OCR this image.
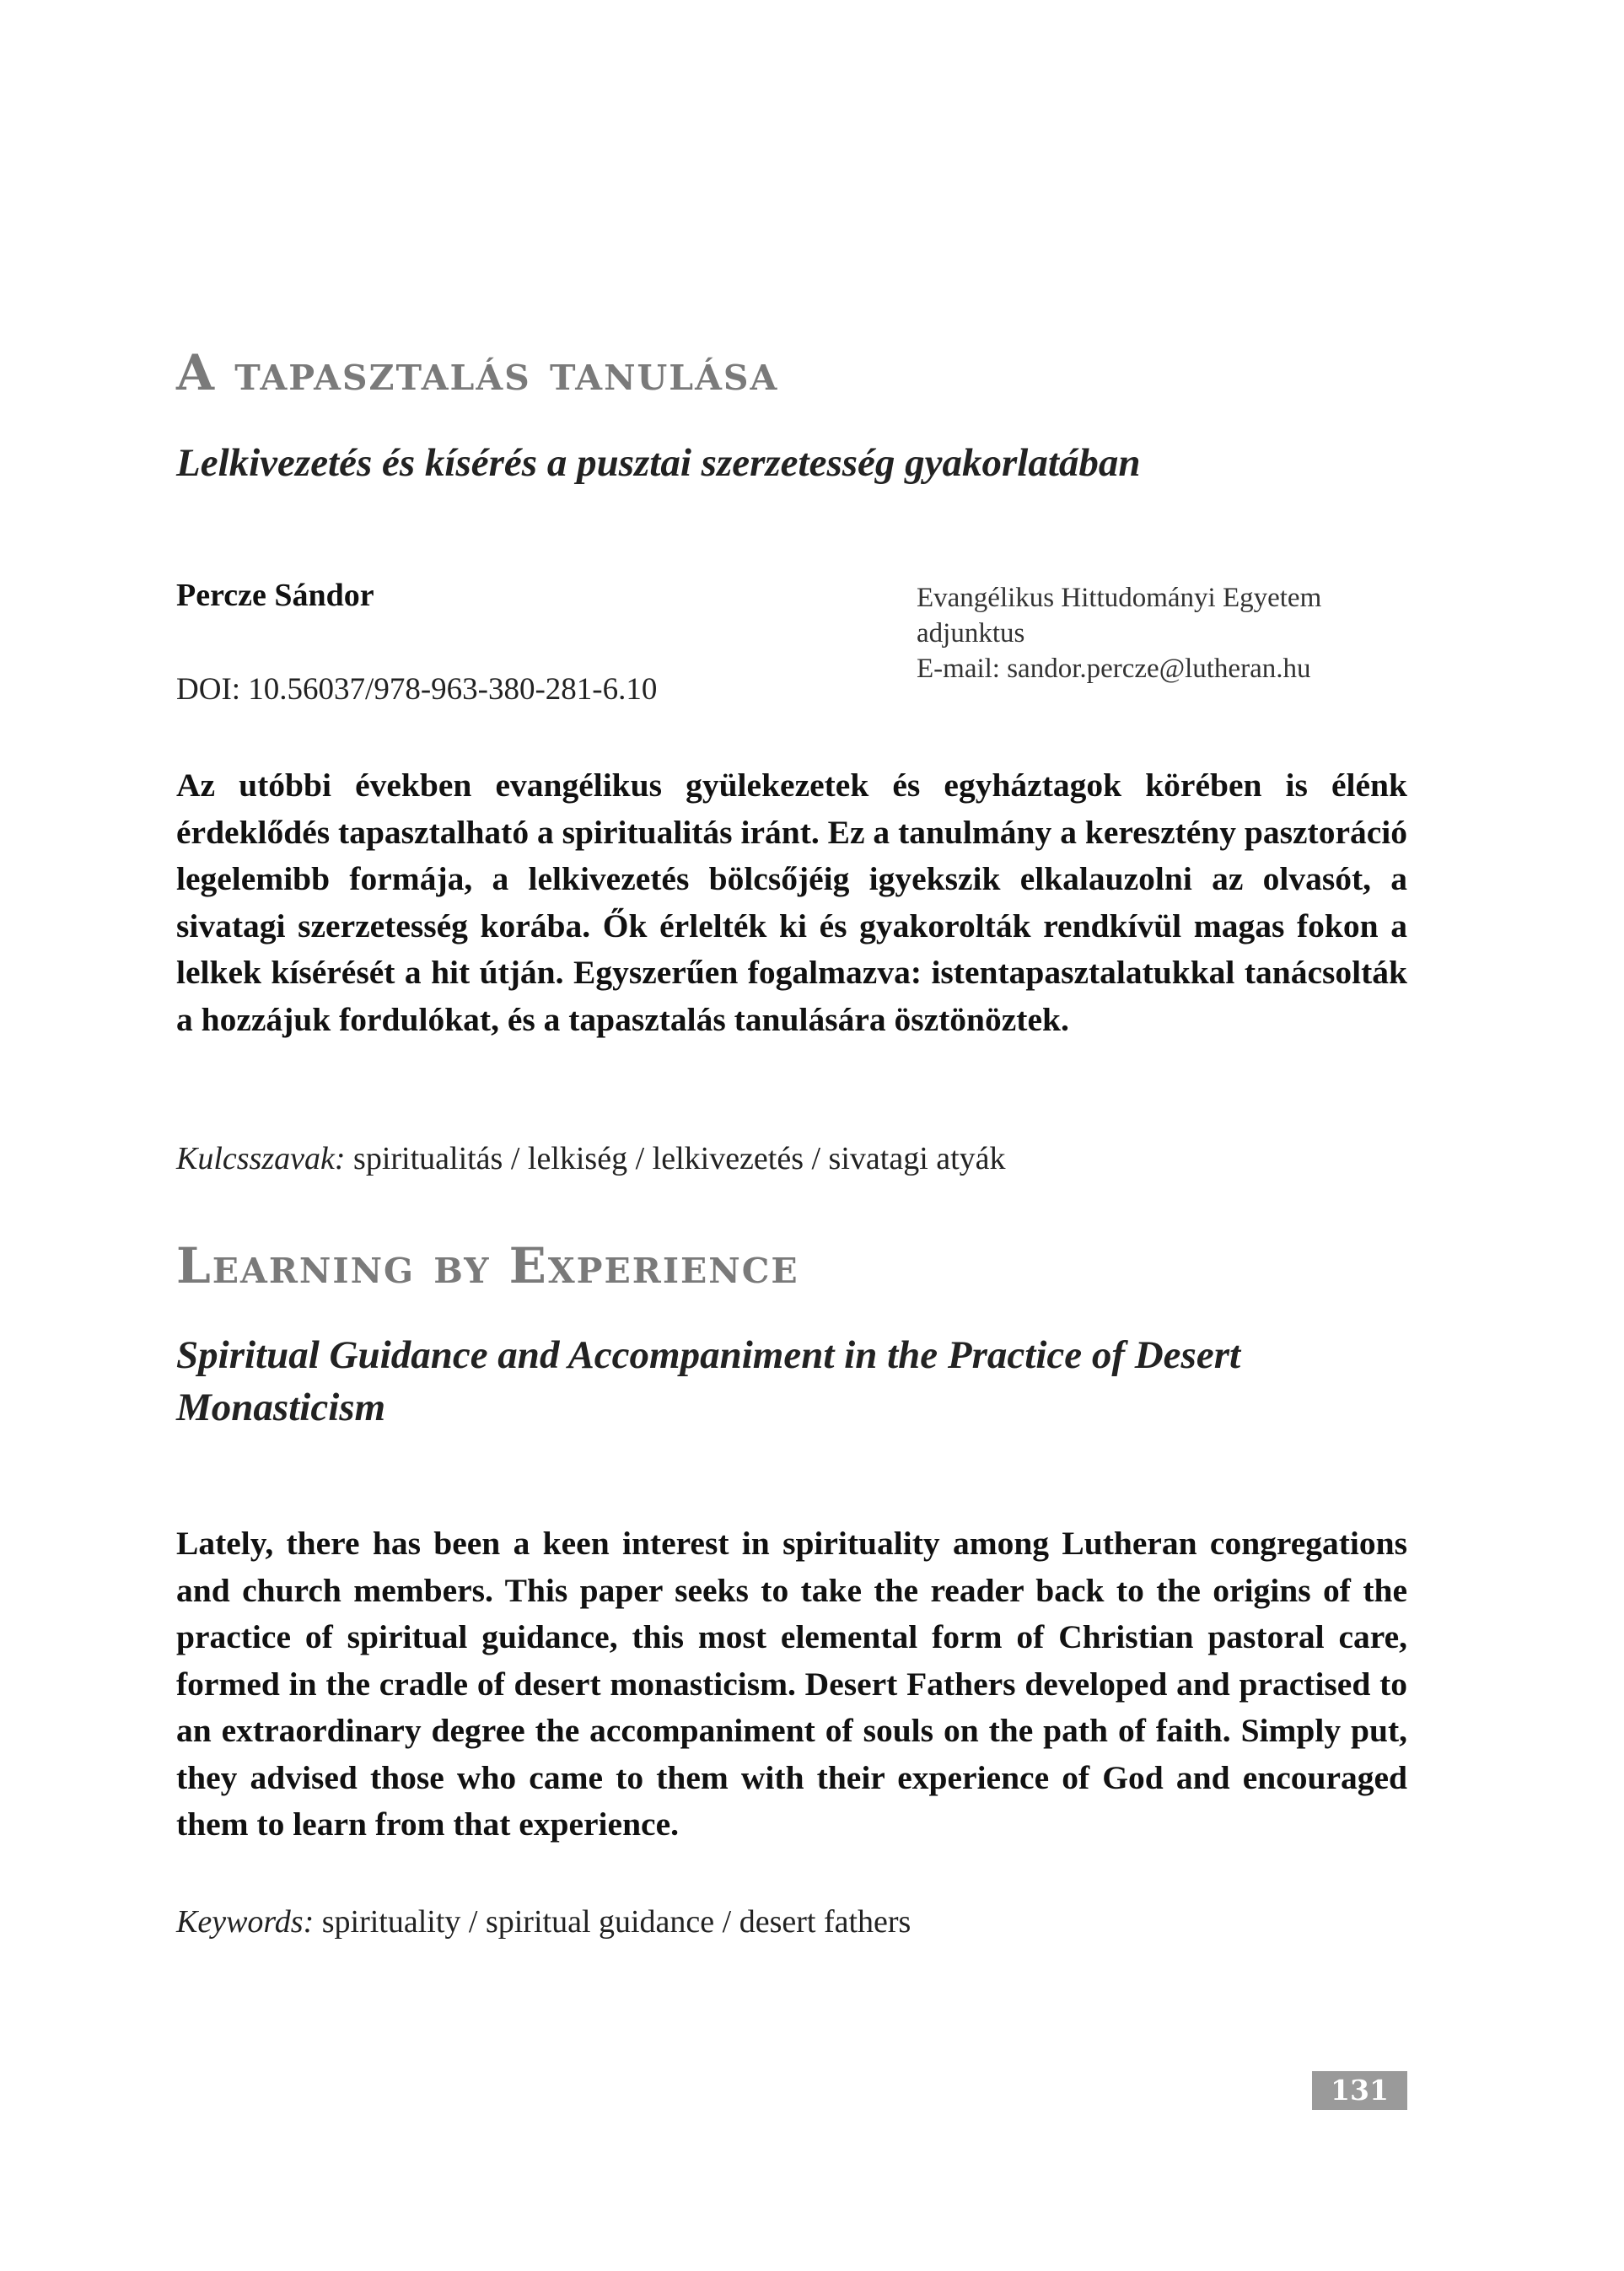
A tapasztalás tanulása
Lelkivezetés és kísérés a pusztai szerzetesség gyakorlatában
Percze Sándor
DOI: 10.56037/978-963-380-281-6.10
Evangélikus Hittudományi Egyetem
adjunktus
E-mail: sandor.percze@lutheran.hu

Az utóbbi években evangélikus gyülekezetek és egyháztagok körében is élénk érdeklődés tapasztalható a spiritualitás iránt. Ez a tanulmány a keresztény pasztoráció legelemibb formája, a lelkivezetés bölcsőjéig igyekszik elkalauzolni az olvasót, a sivatagi szerzetesség korába. Ők érlelték ki és gyakorolták rendkívül magas fokon a lelkek kísérését a hit útján. Egyszerűen fogalmazva: istentapasztalatukkal tanácsolták a hozzájuk fordulókat, és a tapasztalás tanulására ösztönöztek.

Kulcsszavak: spiritualitás / lelkiség / lelkivezetés / sivatagi atyák
Learning by Experience
Spiritual Guidance and Accompaniment in the Practice of Desert Monasticism

Lately, there has been a keen interest in spirituality among Lutheran congregations and church members. This paper seeks to take the reader back to the origins of the practice of spiritual guidance, this most elemental form of Christian pastoral care, formed in the cradle of desert monasticism. Desert Fathers developed and practised to an extraordinary degree the accompaniment of souls on the path of faith. Simply put, they advised those who came to them with their experience of God and encouraged them to learn from that experience.

Keywords: spirituality / spiritual guidance / desert fathers
131
